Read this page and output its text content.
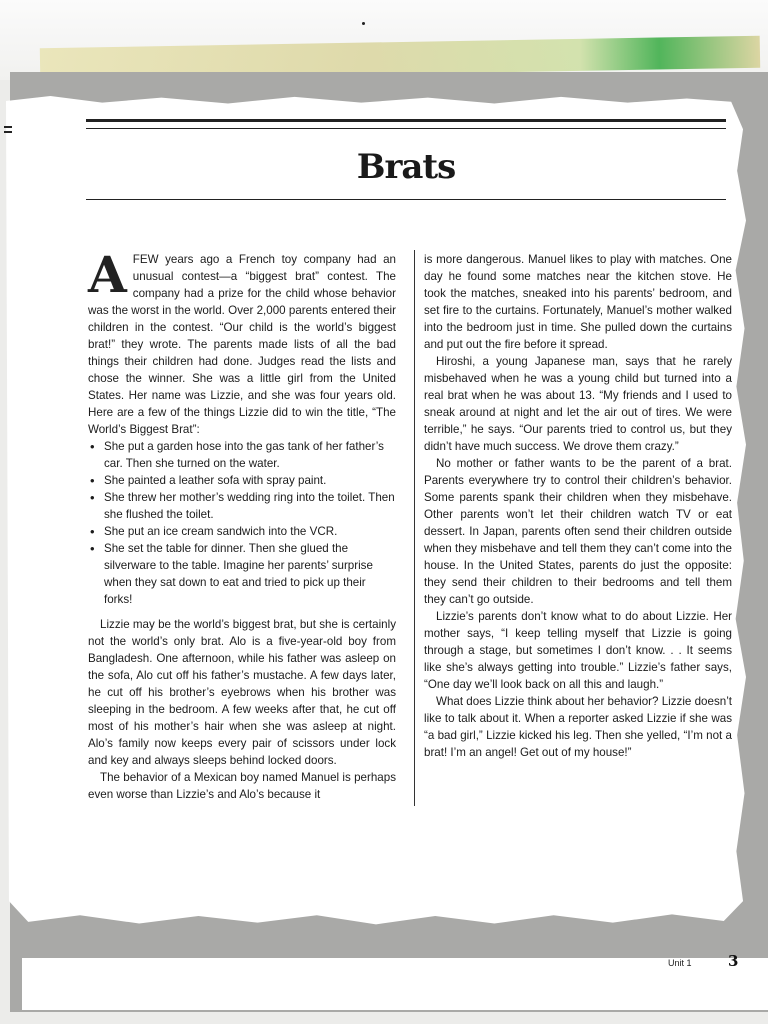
Brats

AFEW years ago a French toy company had an unusual contest—a “biggest brat” contest. The company had a prize for the child whose behavior was the worst in the world. Over 2,000 parents entered their children in the contest. “Our child is the world’s biggest brat!” they wrote. The parents made lists of all the bad things their children had done. Judges read the lists and chose the winner. She was a little girl from the United States. Her name was Lizzie, and she was four years old. Here are a few of the things Lizzie did to win the title, “The World’s Biggest Brat”:

• She put a garden hose into the gas tank of her father’s car. Then she turned on the water.
• She painted a leather sofa with spray paint.
• She threw her mother’s wedding ring into the toilet. Then she flushed the toilet.
• She put an ice cream sandwich into the VCR.
• She set the table for dinner. Then she glued the silverware to the table. Imagine her parents’ surprise when they sat down to eat and tried to pick up their forks!

Lizzie may be the world’s biggest brat, but she is certainly not the world’s only brat. Alo is a five-year-old boy from Bangladesh. One afternoon, while his father was asleep on the sofa, Alo cut off his father’s mustache. A few days later, he cut off his brother’s eyebrows when his brother was sleeping in the bedroom. A few weeks after that, he cut off most of his mother’s hair when she was asleep at night. Alo’s family now keeps every pair of scissors under lock and key and always sleeps behind locked doors.

The behavior of a Mexican boy named Manuel is perhaps even worse than Lizzie’s and Alo’s because it

is more dangerous. Manuel likes to play with matches. One day he found some matches near the kitchen stove. He took the matches, sneaked into his parents’ bedroom, and set fire to the curtains. Fortunately, Manuel’s mother walked into the bedroom just in time. She pulled down the curtains and put out the fire before it spread.

Hiroshi, a young Japanese man, says that he rarely misbehaved when he was a young child but turned into a real brat when he was about 13. “My friends and I used to sneak around at night and let the air out of tires. We were terrible,” he says. “Our parents tried to control us, but they didn’t have much success. We drove them crazy.”

No mother or father wants to be the parent of a brat. Parents everywhere try to control their children’s behavior. Some parents spank their children when they misbehave. Other parents won’t let their children watch TV or eat dessert. In Japan, parents often send their children outside when they misbehave and tell them they can’t come into the house. In the United States, parents do just the opposite: they send their children to their bedrooms and tell them they can’t go outside.

Lizzie’s parents don’t know what to do about Lizzie. Her mother says, “I keep telling myself that Lizzie is going through a stage, but sometimes I don’t know. . . It seems like she’s always getting into trouble.” Lizzie’s father says, “One day we’ll look back on all this and laugh.”

What does Lizzie think about her behavior? Lizzie doesn’t like to talk about it. When a reporter asked Lizzie if she was “a bad girl,” Lizzie kicked his leg. Then she yelled, “I’m not a brat! I’m an angel! Get out of my house!”

Unit 1 3
